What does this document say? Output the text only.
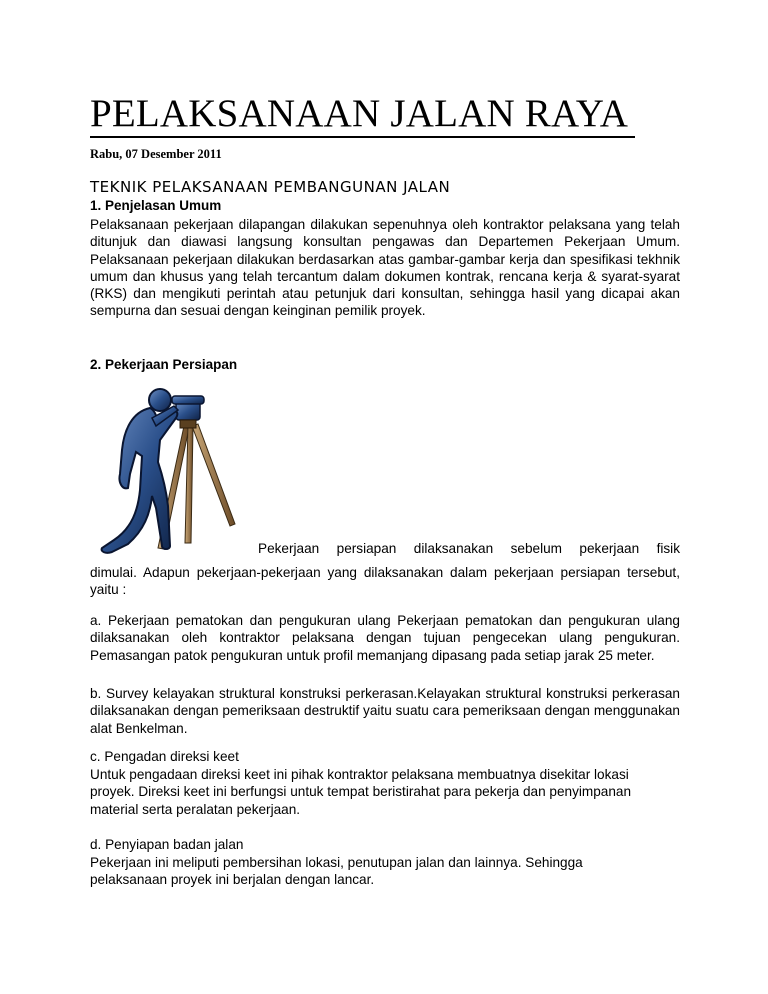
PELAKSANAAN JALAN RAYA
Rabu, 07 Desember 2011
TEKNIK PELAKSANAAN PEMBANGUNAN JALAN
1. Penjelasan Umum
Pelaksanaan pekerjaan dilapangan dilakukan sepenuhnya oleh kontraktor pelaksana yang telah ditunjuk dan diawasi langsung konsultan pengawas dan Departemen Pekerjaan Umum. Pelaksanaan pekerjaan dilakukan berdasarkan atas gambar-gambar kerja dan spesifikasi tekhnik umum dan khusus yang telah tercantum dalam dokumen kontrak, rencana kerja & syarat-syarat (RKS) dan mengikuti perintah atau petunjuk dari konsultan, sehingga hasil yang dicapai akan sempurna dan sesuai dengan keinginan pemilik proyek.
2. Pekerjaan Persiapan
Pekerjaan persiapan dilaksanakan sebelum pekerjaan fisik
dimulai. Adapun pekerjaan-pekerjaan yang dilaksanakan dalam pekerjaan persiapan tersebut, yaitu :
a. Pekerjaan pematokan dan pengukuran ulang Pekerjaan pematokan dan pengukuran ulang dilaksanakan oleh kontraktor pelaksana dengan tujuan pengecekan ulang pengukuran. Pemasangan patok pengukuran untuk profil memanjang dipasang pada setiap jarak 25 meter.
b. Survey kelayakan struktural konstruksi perkerasan.Kelayakan struktural konstruksi perkerasan dilaksanakan dengan pemeriksaan destruktif yaitu suatu cara pemeriksaan dengan menggunakan alat Benkelman.
c. Pengadan direksi keet
Untuk pengadaan direksi keet ini pihak kontraktor pelaksana membuatnya disekitar lokasi proyek. Direksi keet ini berfungsi untuk tempat beristirahat para pekerja dan penyimpanan material serta peralatan pekerjaan.
d. Penyiapan badan jalan
Pekerjaan ini meliputi pembersihan lokasi, penutupan jalan dan lainnya. Sehingga pelaksanaan proyek ini berjalan dengan lancar.
